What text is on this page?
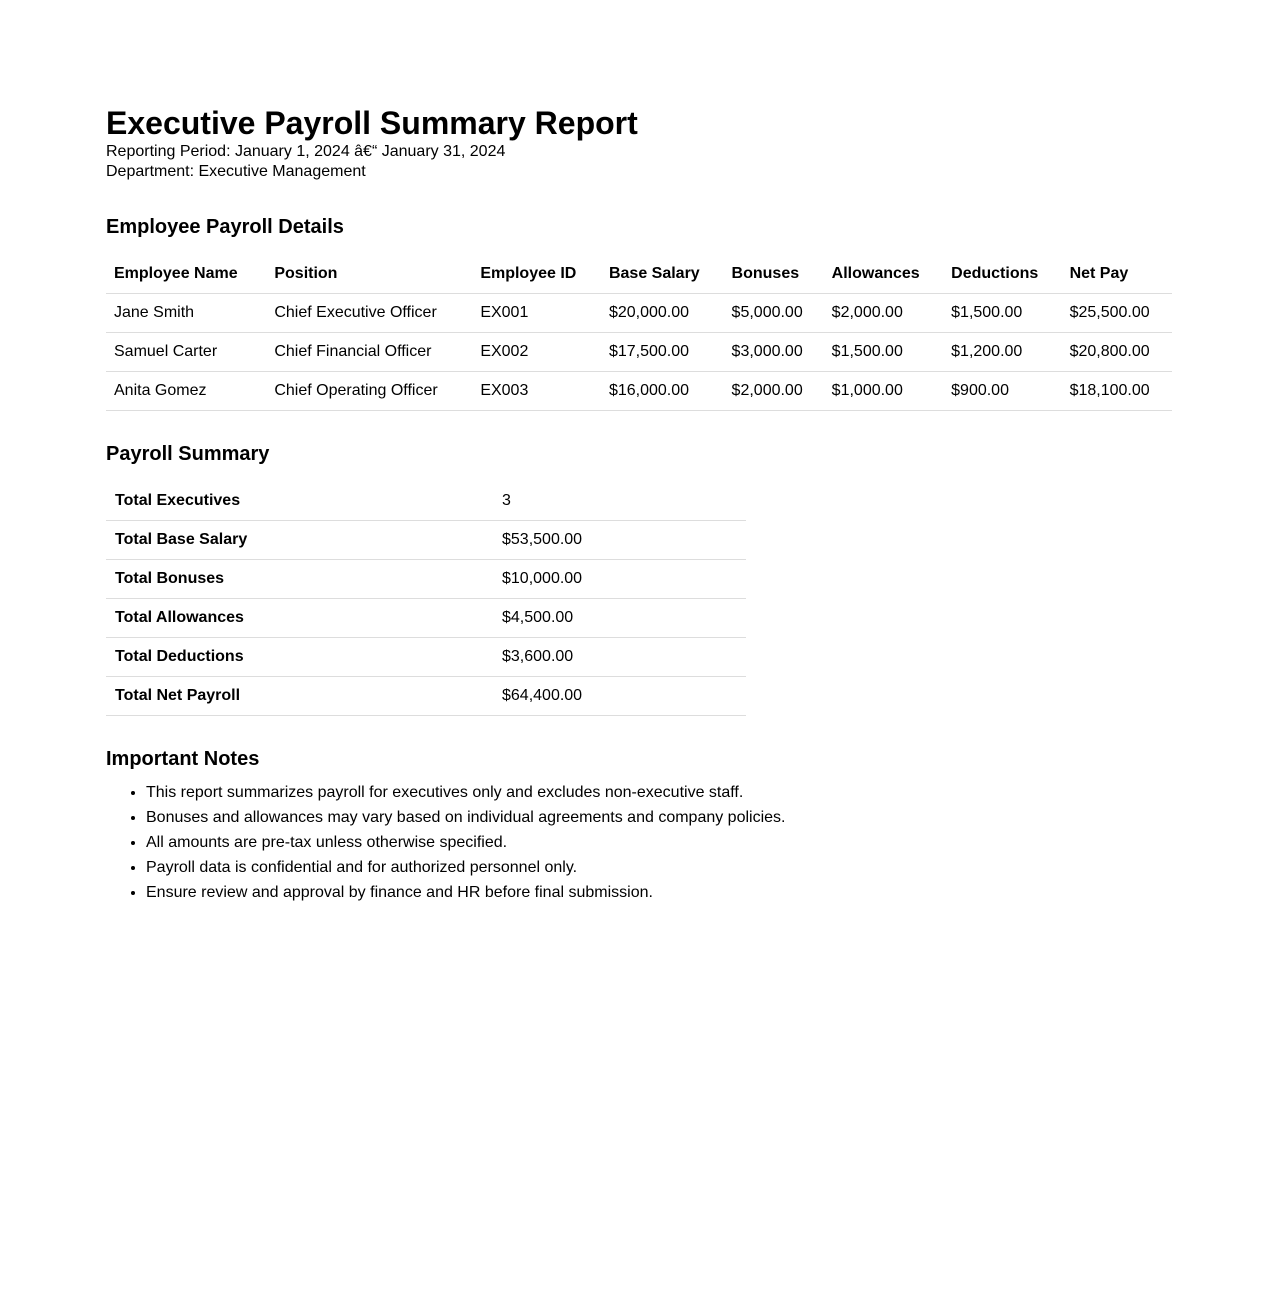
Executive Payroll Summary Report
Reporting Period: January 1, 2024 â€“ January 31, 2024
Department: Executive Management
Employee Payroll Details
Employee Name	Position	Employee ID	Base Salary	Bonuses	Allowances	Deductions	Net Pay
Jane Smith	Chief Executive Officer	EX001	$20,000.00	$5,000.00	$2,000.00	$1,500.00	$25,500.00
Samuel Carter	Chief Financial Officer	EX002	$17,500.00	$3,000.00	$1,500.00	$1,200.00	$20,800.00
Anita Gomez	Chief Operating Officer	EX003	$16,000.00	$2,000.00	$1,000.00	$900.00	$18,100.00
Payroll Summary
Total Executives	3
Total Base Salary	$53,500.00
Total Bonuses	$10,000.00
Total Allowances	$4,500.00
Total Deductions	$3,600.00
Total Net Payroll	$64,400.00
Important Notes
• This report summarizes payroll for executives only and excludes non-executive staff.
• Bonuses and allowances may vary based on individual agreements and company policies.
• All amounts are pre-tax unless otherwise specified.
• Payroll data is confidential and for authorized personnel only.
• Ensure review and approval by finance and HR before final submission.
